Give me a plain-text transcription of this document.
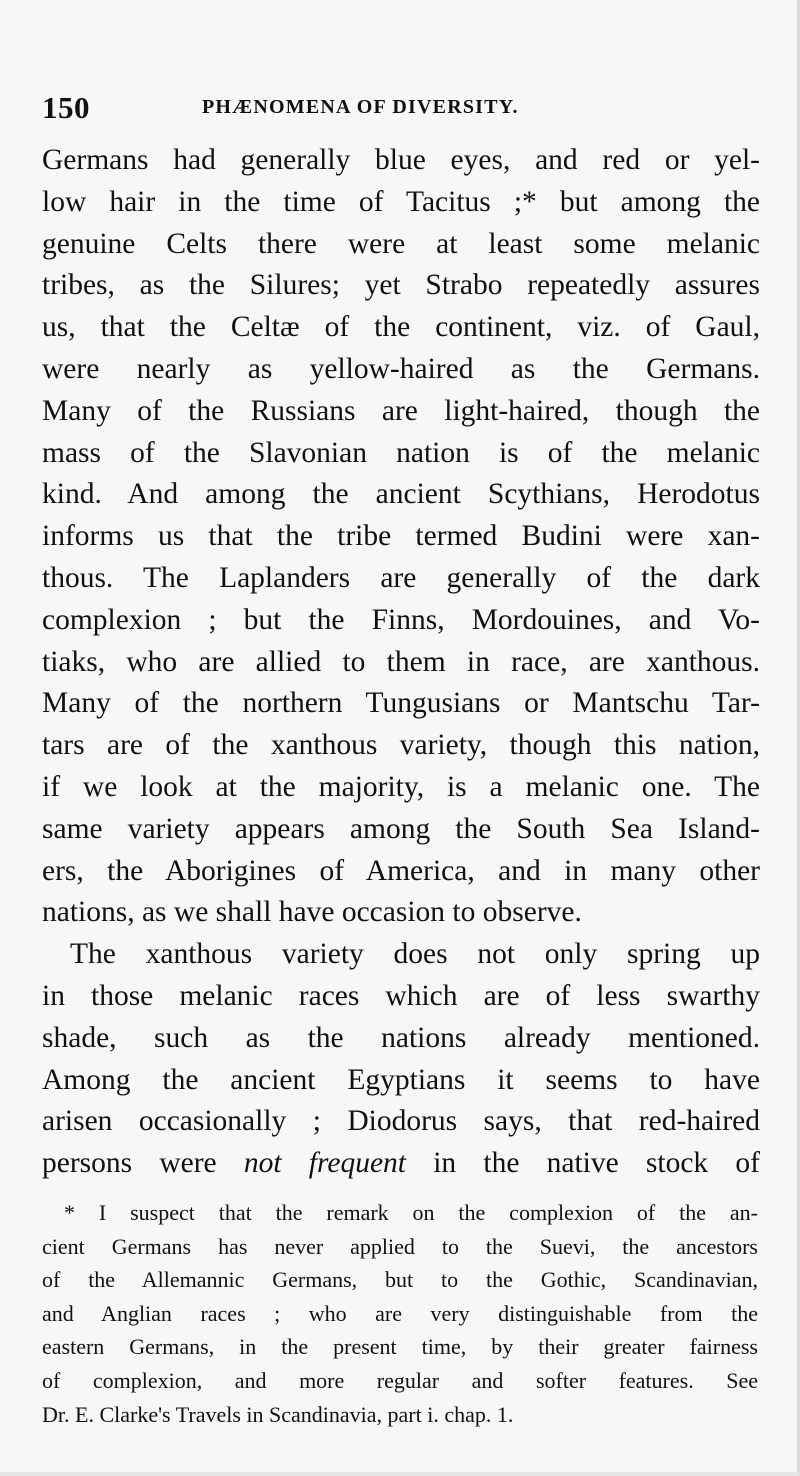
150	PHÆNOMENA OF DIVERSITY.
Germans had generally blue eyes, and red or yel-
low hair in the time of Tacitus ;* but among the
genuine Celts there were at least some melanic
tribes, as the Silures; yet Strabo repeatedly assures
us, that the Celtæ of the continent, viz. of Gaul,
were nearly as yellow-haired as the Germans.
Many of the Russians are light-haired, though the
mass of the Slavonian nation is of the melanic
kind. And among the ancient Scythians, Herodotus
informs us that the tribe termed Budini were xan-
thous. The Laplanders are generally of the dark
complexion ; but the Finns, Mordouines, and Vo-
tiaks, who are allied to them in race, are xanthous.
Many of the northern Tungusians or Mantschu Tar-
tars are of the xanthous variety, though this nation,
if we look at the majority, is a melanic one. The
same variety appears among the South Sea Island-
ers, the Aborigines of America, and in many other
nations, as we shall have occasion to observe.
The xanthous variety does not only spring up
in those melanic races which are of less swarthy
shade, such as the nations already mentioned.
Among the ancient Egyptians it seems to have
arisen occasionally ; Diodorus says, that red-haired
persons were not frequent in the native stock of
* I suspect that the remark on the complexion of the an-
cient Germans has never applied to the Suevi, the ancestors
of the Allemannic Germans, but to the Gothic, Scandinavian,
and Anglian races ; who are very distinguishable from the
eastern Germans, in the present time, by their greater fairness
of complexion, and more regular and softer features. See
Dr. E. Clarke's Travels in Scandinavia, part i. chap. 1.
